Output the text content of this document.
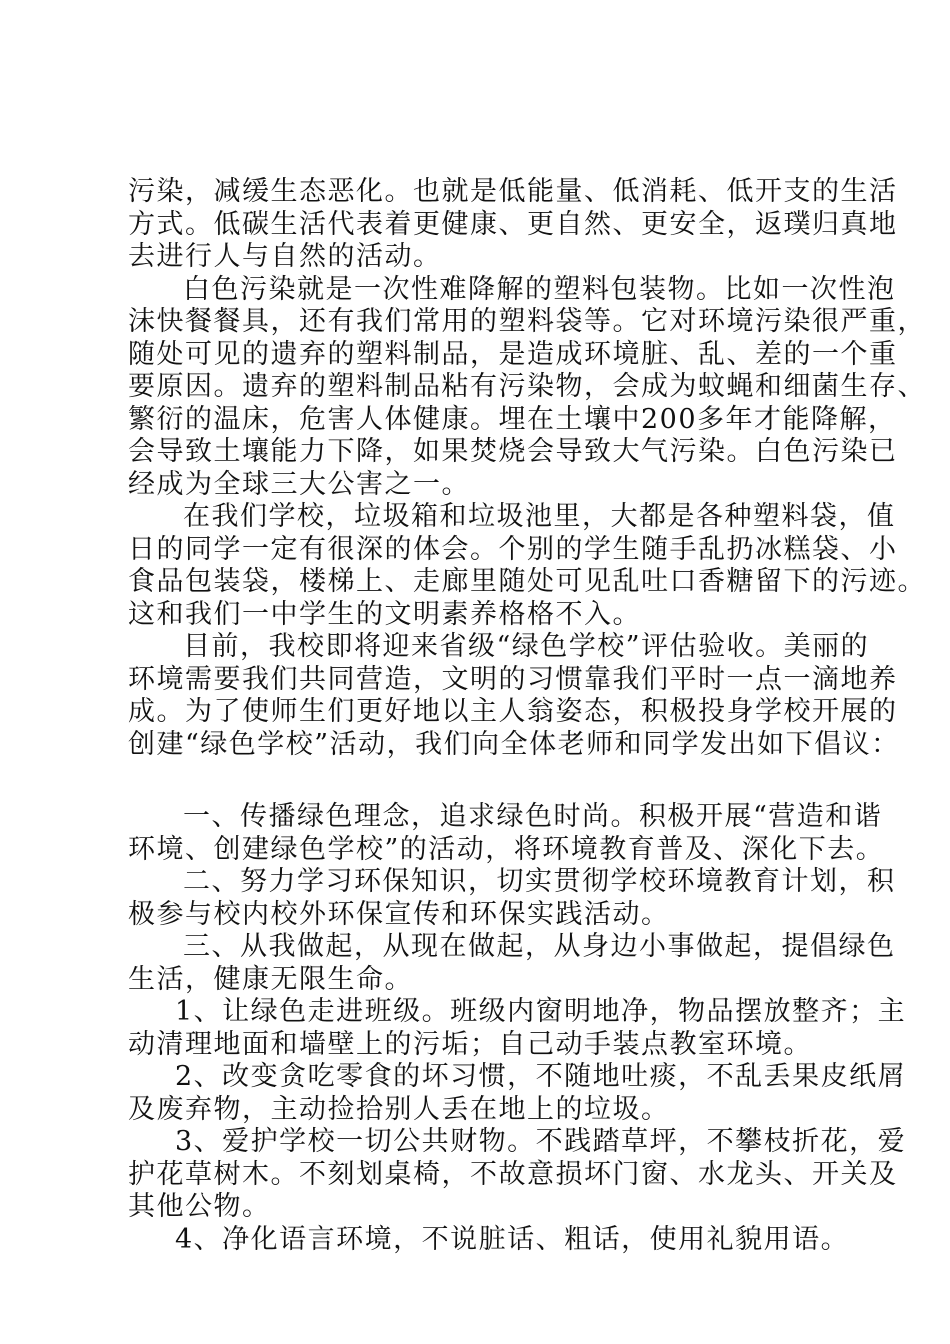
污染，减缓生态恶化。也就是低能量、低消耗、低开支的生活
方式。低碳生活代表着更健康、更自然、更安全，返璞归真地
去进行人与自然的活动。
白色污染就是一次性难降解的塑料包装物。比如一次性泡
沫快餐餐具，还有我们常用的塑料袋等。它对环境污染很严重，
随处可见的遗弃的塑料制品，是造成环境脏、乱、差的一个重
要原因。遗弃的塑料制品粘有污染物，会成为蚊蝇和细菌生存、
繁衍的温床，危害人体健康。埋在土壤中200多年才能降解，
会导致土壤能力下降，如果焚烧会导致大气污染。白色污染已
经成为全球三大公害之一。
在我们学校，垃圾箱和垃圾池里，大都是各种塑料袋，值
日的同学一定有很深的体会。个别的学生随手乱扔冰糕袋、小
食品包装袋，楼梯上、走廊里随处可见乱吐口香糖留下的污迹。
这和我们一中学生的文明素养格格不入。
目前，我校即将迎来省级“绿色学校”评估验收。美丽的
环境需要我们共同营造，文明的习惯靠我们平时一点一滴地养
成。为了使师生们更好地以主人翁姿态，积极投身学校开展的
创建“绿色学校”活动，我们向全体老师和同学发出如下倡议：
一、传播绿色理念，追求绿色时尚。积极开展“营造和谐
环境、创建绿色学校”的活动，将环境教育普及、深化下去。
二、努力学习环保知识，切实贯彻学校环境教育计划，积
极参与校内校外环保宣传和环保实践活动。
三、从我做起，从现在做起，从身边小事做起，提倡绿色
生活，健康无限生命。
1、让绿色走进班级。班级内窗明地净，物品摆放整齐；主
动清理地面和墙壁上的污垢；自己动手装点教室环境。
2、改变贪吃零食的坏习惯，不随地吐痰，不乱丢果皮纸屑
及废弃物，主动捡拾别人丢在地上的垃圾。
3、爱护学校一切公共财物。不践踏草坪，不攀枝折花，爱
护花草树木。不刻划桌椅，不故意损坏门窗、水龙头、开关及
其他公物。
4、净化语言环境，不说脏话、粗话，使用礼貌用语。
